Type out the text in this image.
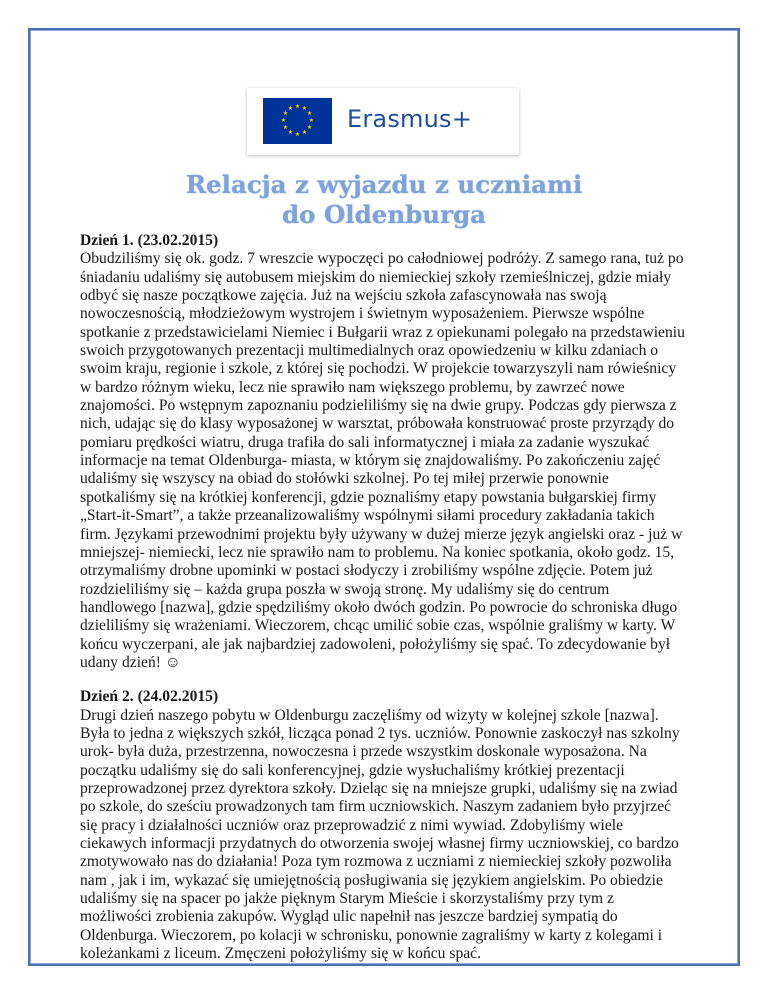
★ ★
★
★
★
★
★
★
★
★
★
★ Erasmus+
Relacja z wyjazdu z uczniami
do Oldenburga

Dzień 1. (23.02.2015)

Obudziliśmy się ok. godz. 7 wreszcie wypoczęci po całodniowej podróży. Z samego rana, tuż po śniadaniu udaliśmy się autobusem miejskim do niemieckiej szkoły rzemieślniczej, gdzie miały odbyć się nasze początkowe zajęcia. Już na wejściu szkoła zafascynowała nas swoją nowoczesnością, młodzieżowym wystrojem i świetnym wyposażeniem. Pierwsze wspólne spotkanie z przedstawicielami Niemiec i Bułgarii wraz z opiekunami polegało na przedstawieniu swoich przygotowanych prezentacji multimedialnych oraz opowiedzeniu w kilku zdaniach o swoim kraju, regionie i szkole, z której się pochodzi. W projekcie towarzyszyli nam rówieśnicy w bardzo różnym wieku, lecz nie sprawiło nam większego problemu, by zawrzeć nowe znajomości. Po wstępnym zapoznaniu podzieliliśmy się na dwie grupy. Podczas gdy pierwsza z nich, udając się do klasy wyposażonej w warsztat, próbowała konstruować proste przyrządy do pomiaru prędkości wiatru, druga trafiła do sali informatycznej i miała za zadanie wyszukać informacje na temat Oldenburga- miasta, w którym się znajdowaliśmy. Po zakończeniu zajęć udaliśmy się wszyscy na obiad do stołówki szkolnej. Po tej miłej przerwie ponownie spotkaliśmy się na krótkiej konferencji, gdzie poznaliśmy etapy powstania bułgarskiej firmy „Start-it-Smart”, a także przeanalizowaliśmy wspólnymi siłami procedury zakładania takich firm. Językami przewodnimi projektu były używany w dużej mierze język angielski oraz - już w mniejszej- niemiecki, lecz nie sprawiło nam to problemu. Na koniec spotkania, około godz. 15, otrzymaliśmy drobne upominki w postaci słodyczy i zrobiliśmy wspólne zdjęcie. Potem już rozdzieliliśmy się – każda grupa poszła w swoją stronę. My udaliśmy się do centrum handlowego [nazwa], gdzie spędziliśmy około dwóch godzin. Po powrocie do schroniska długo dzieliliśmy się wrażeniami. Wieczorem, chcąc umilić sobie czas, wspólnie graliśmy w karty. W końcu wyczerpani, ale jak najbardziej zadowoleni, położyliśmy się spać. To zdecydowanie był udany dzień! ☺

Dzień 2. (24.02.2015)

Drugi dzień naszego pobytu w Oldenburgu zaczęliśmy od wizyty w kolejnej szkole [nazwa]. Była to jedna z większych szkół, licząca ponad 2 tys. uczniów. Ponownie zaskoczył nas szkolny urok- była duża, przestrzenna, nowoczesna i przede wszystkim doskonale wyposażona. Na początku udaliśmy się do sali konferencyjnej, gdzie wysłuchaliśmy krótkiej prezentacji przeprowadzonej przez dyrektora szkoły. Dzieląc się na mniejsze grupki, udaliśmy się na zwiad po szkole, do sześciu prowadzonych tam firm uczniowskich. Naszym zadaniem było przyjrzeć się pracy i działalności uczniów oraz przeprowadzić z nimi wywiad. Zdobyliśmy wiele ciekawych informacji przydatnych do otworzenia swojej własnej firmy uczniowskiej, co bardzo zmotywowało nas do działania! Poza tym rozmowa z uczniami z niemieckiej szkoły pozwoliła nam , jak i im, wykazać się umiejętnością posługiwania się językiem angielskim. Po obiedzie udaliśmy się na spacer po jakże pięknym Starym Mieście i skorzystaliśmy przy tym z możliwości zrobienia zakupów. Wygląd ulic napełnił nas jeszcze bardziej sympatią do Oldenburga. Wieczorem, po kolacji w schronisku, ponownie zagraliśmy w karty z kolegami i koleżankami z liceum. Zmęczeni położyliśmy się w końcu spać.
